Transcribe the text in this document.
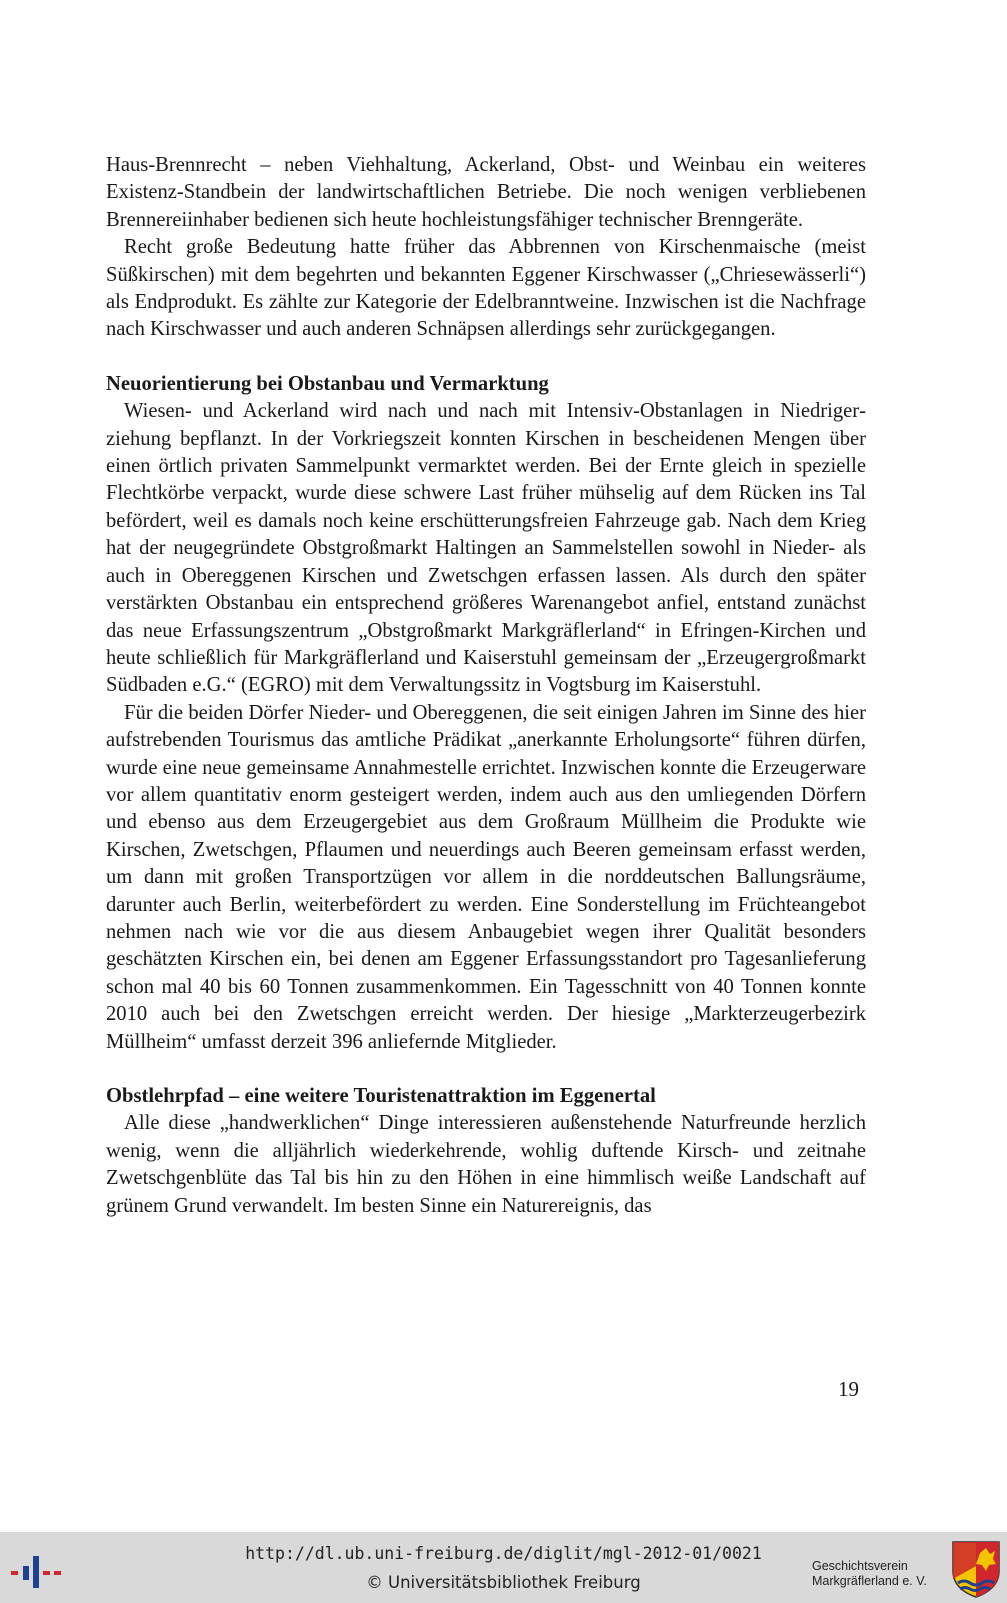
Haus-Brennrecht – neben Viehhaltung, Ackerland, Obst- und Weinbau ein weiteres Existenz-Standbein der landwirtschaftlichen Betriebe. Die noch wenigen verbliebenen Brennereiinhaber bedienen sich heute hochleistungsfähiger technischer Brenngeräte.

Recht große Bedeutung hatte früher das Abbrennen von Kirschenmaische (meist Süßkirschen) mit dem begehrten und bekannten Eggener Kirschwasser („Chriesewässerli“) als Endprodukt. Es zählte zur Kategorie der Edelbranntweine. Inzwischen ist die Nachfrage nach Kirschwasser und auch anderen Schnäpsen allerdings sehr zurückgegangen.

Neuorientierung bei Obstanbau und Vermarktung

Wiesen- und Ackerland wird nach und nach mit Intensiv-Obstanlagen in Niedrigerziehung bepflanzt. In der Vorkriegszeit konnten Kirschen in bescheidenen Mengen über einen örtlich privaten Sammelpunkt vermarktet werden. Bei der Ernte gleich in spezielle Flechtkörbe verpackt, wurde diese schwere Last früher mühselig auf dem Rücken ins Tal befördert, weil es damals noch keine erschütterungsfreien Fahrzeuge gab. Nach dem Krieg hat der neugegründete Obstgroßmarkt Haltingen an Sammelstellen sowohl in Nieder- als auch in Obereggenen Kirschen und Zwetschgen erfassen lassen. Als durch den später verstärkten Obstanbau ein entsprechend größeres Warenangebot anfiel, entstand zunächst das neue Erfassungszentrum „Obstgroßmarkt Markgräflerland“ in Efringen-Kirchen und heute schließlich für Markgräflerland und Kaiserstuhl gemeinsam der „Erzeugergroßmarkt Südbaden e.G.“ (EGRO) mit dem Verwaltungssitz in Vogtsburg im Kaiserstuhl.

Für die beiden Dörfer Nieder- und Obereggenen, die seit einigen Jahren im Sinne des hier aufstrebenden Tourismus das amtliche Prädikat „anerkannte Erholungsorte“ führen dürfen, wurde eine neue gemeinsame Annahmestelle errichtet. Inzwischen konnte die Erzeugerware vor allem quantitativ enorm gesteigert werden, indem auch aus den umliegenden Dörfern und ebenso aus dem Erzeugergebiet aus dem Großraum Müllheim die Produkte wie Kirschen, Zwetschgen, Pflaumen und neuerdings auch Beeren gemeinsam erfasst werden, um dann mit großen Transportzügen vor allem in die norddeutschen Ballungsräume, darunter auch Berlin, weiterbefördert zu werden. Eine Sonderstellung im Früchteangebot nehmen nach wie vor die aus diesem Anbaugebiet wegen ihrer Qualität besonders geschätzten Kirschen ein, bei denen am Eggener Erfassungsstandort pro Tagesanlieferung schon mal 40 bis 60 Tonnen zusammenkommen. Ein Tagesschnitt von 40 Tonnen konnte 2010 auch bei den Zwetschgen erreicht werden. Der hiesige „Markterzeugerbezirk Müllheim“ umfasst derzeit 396 anliefernde Mitglieder.

Obstlehrpfad – eine weitere Touristenattraktion im Eggenertal

Alle diese „handwerklichen“ Dinge interessieren außenstehende Naturfreunde herzlich wenig, wenn die alljährlich wiederkehrende, wohlig duftende Kirsch- und zeitnahe Zwetschgenblüte das Tal bis hin zu den Höhen in eine himmlisch weiße Landschaft auf grünem Grund verwandelt. Im besten Sinne ein Naturereignis, das

19
http://dl.ub.uni-freiburg.de/diglit/mgl-2012-01/0021
© Universitätsbibliothek Freiburg
Geschichtsverein
Markgräflerland e. V.
